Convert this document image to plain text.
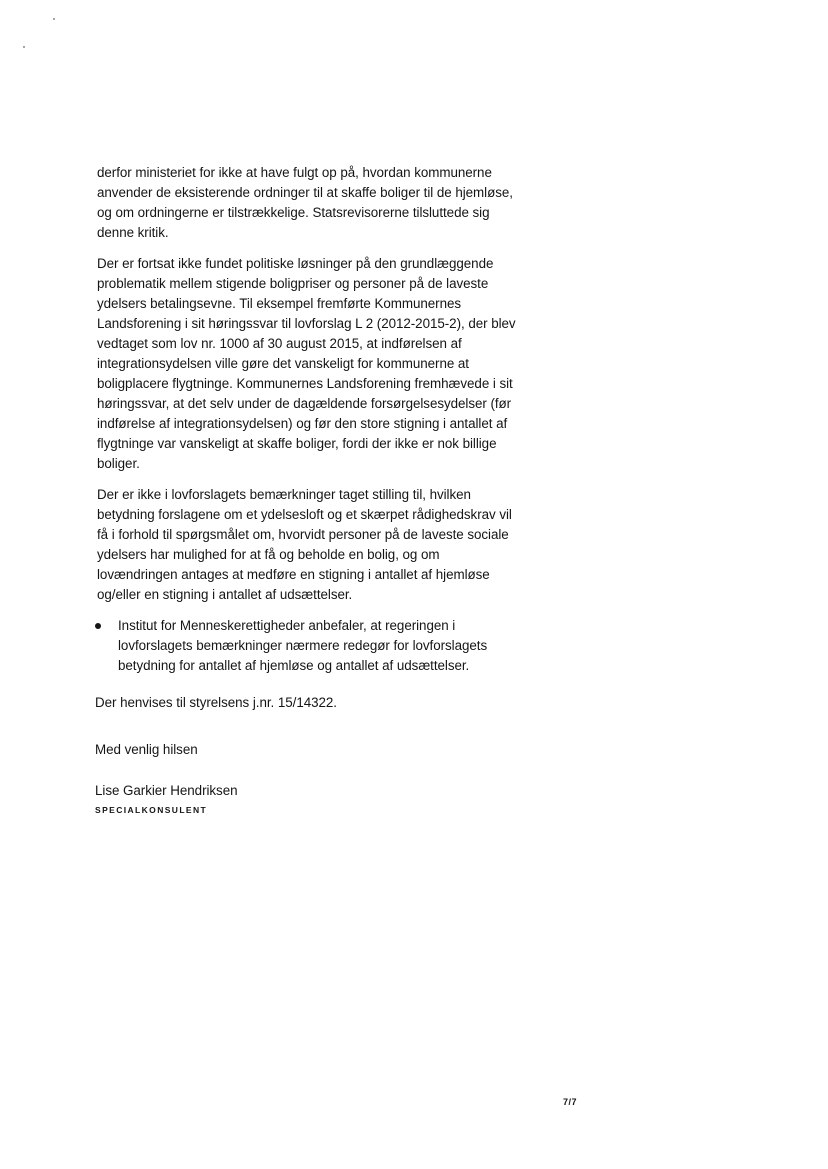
derfor ministeriet for ikke at have fulgt op på, hvordan kommunerne
anvender de eksisterende ordninger til at skaffe boliger til de hjemløse,
og om ordningerne er tilstrækkelige. Statsrevisorerne tilsluttede sig
denne kritik.
Der er fortsat ikke fundet politiske løsninger på den grundlæggende
problematik mellem stigende boligpriser og personer på de laveste
ydelsers betalingsevne. Til eksempel fremførte Kommunernes
Landsforening i sit høringssvar til lovforslag L 2 (2012-2015-2), der blev
vedtaget som lov nr. 1000 af 30 august 2015, at indførelsen af
integrationsydelsen ville gøre det vanskeligt for kommunerne at
boligplacere flygtninge. Kommunernes Landsforening fremhævede i sit
høringssvar, at det selv under de dagældende forsørgelsesydelser (før
indførelse af integrationsydelsen) og før den store stigning i antallet af
flygtninge var vanskeligt at skaffe boliger, fordi der ikke er nok billige
boliger.
Der er ikke i lovforslagets bemærkninger taget stilling til, hvilken
betydning forslagene om et ydelsesloft og et skærpet rådighedskrav vil
få i forhold til spørgsmålet om, hvorvidt personer på de laveste sociale
ydelsers har mulighed for at få og beholde en bolig, og om
lovændringen antages at medføre en stigning i antallet af hjemløse
og/eller en stigning i antallet af udsættelser.
Institut for Menneskerettigheder anbefaler, at regeringen i
lovforslagets bemærkninger nærmere redegør for lovforslagets
betydning for antallet af hjemløse og antallet af udsættelser.
Der henvises til styrelsens j.nr. 15/14322.
Med venlig hilsen
Lise Garkier Hendriksen
SPECIALKONSULENT
7/7
